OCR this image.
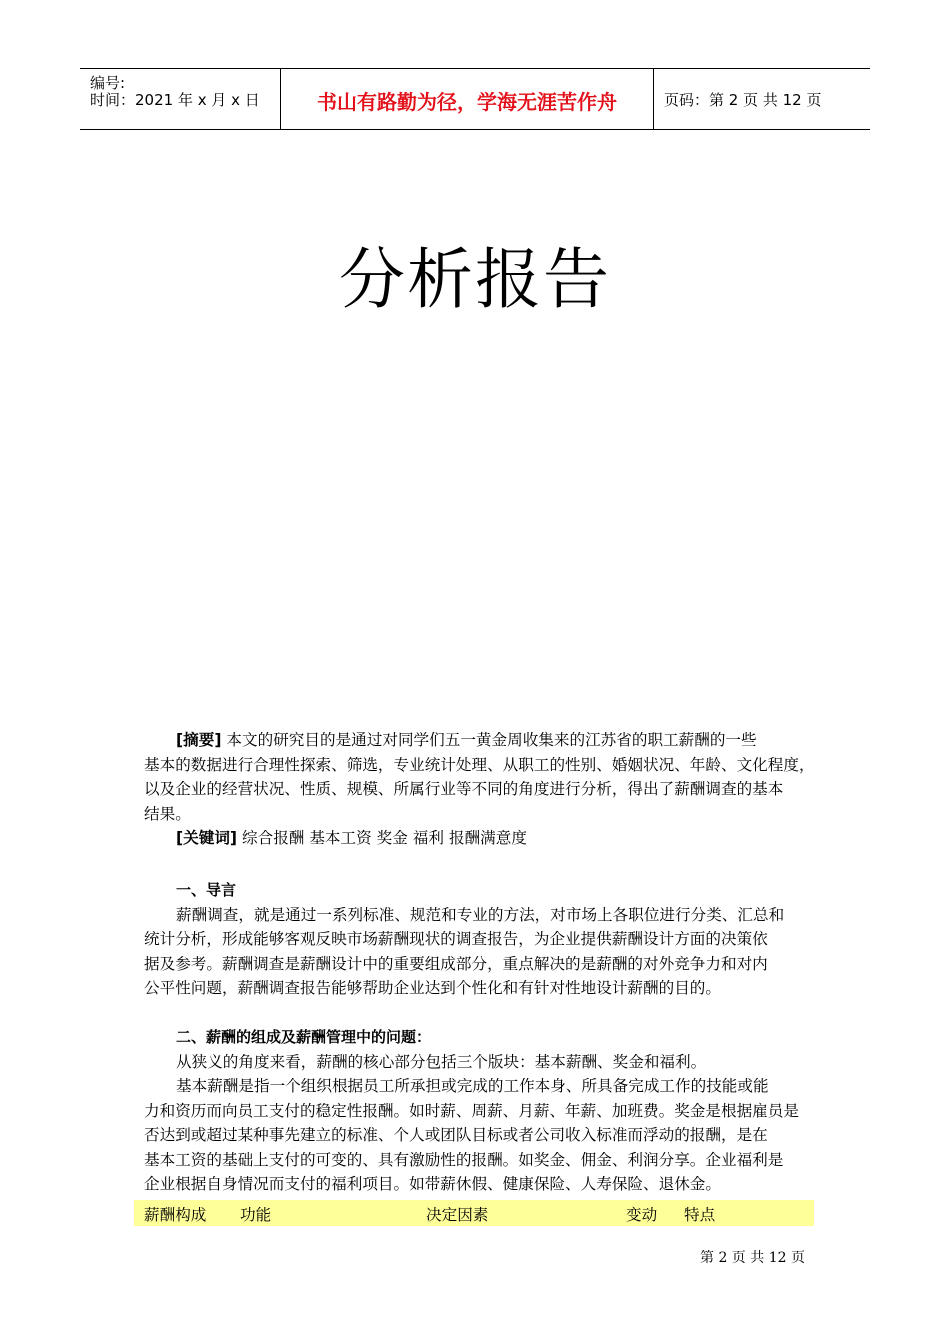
编号:
时间：2021 年 x 月 x 日	书山有路勤为径，学海无涯苦作舟	页码：第 2 页 共 12 页
分析报告

[摘要] 本文的研究目的是通过对同学们五一黄金周收集来的江苏省的职工薪酬的一些

基本的数据进行合理性探索、筛选，专业统计处理、从职工的性别、婚姻状况、年龄、文化程度，

以及企业的经营状况、性质、规模、所属行业等不同的角度进行分析，得出了薪酬调查的基本

结果。

[关键词] 综合报酬 基本工资 奖金 福利 报酬满意度

一、导言

薪酬调查，就是通过一系列标准、规范和专业的方法，对市场上各职位进行分类、汇总和

统计分析，形成能够客观反映市场薪酬现状的调查报告，为企业提供薪酬设计方面的决策依

据及参考。薪酬调查是薪酬设计中的重要组成部分，重点解决的是薪酬的对外竞争力和对内

公平性问题，薪酬调查报告能够帮助企业达到个性化和有针对性地设计薪酬的目的。

二、薪酬的组成及薪酬管理中的问题：

从狭义的角度来看，薪酬的核心部分包括三个版块：基本薪酬、奖金和福利。

基本薪酬是指一个组织根据员工所承担或完成的工作本身、所具备完成工作的技能或能

力和资历而向员工支付的稳定性报酬。如时薪、周薪、月薪、年薪、加班费。奖金是根据雇员是

否达到或超过某种事先建立的标准、个人或团队目标或者公司收入标准而浮动的报酬，是在

基本工资的基础上支付的可变的、具有激励性的报酬。如奖金、佣金、利润分享。企业福利是

企业根据自身情况而支付的福利项目。如带薪休假、健康保险、人寿保险、退休金。

薪酬构成 功能	决定因素	变动 特点
第 2 页 共 12 页
